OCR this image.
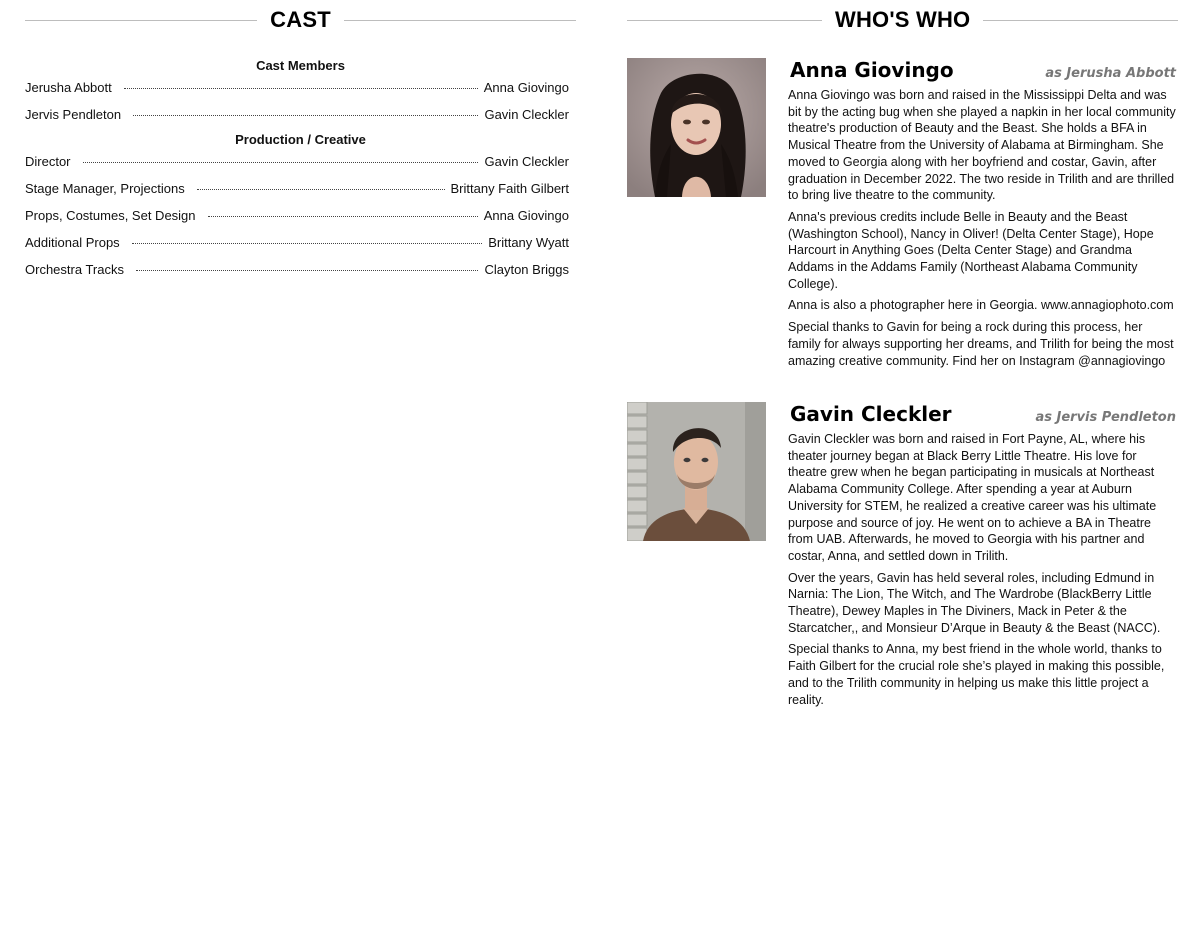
CAST
Cast Members
Jerusha Abbott	Anna Giovingo
Jervis Pendleton	Gavin Cleckler
Production / Creative
Director	Gavin Cleckler
Stage Manager, Projections	Brittany Faith Gilbert
Props, Costumes, Set Design	Anna Giovingo
Additional Props	Brittany Wyatt
Orchestra Tracks	Clayton Briggs
WHO'S WHO
Anna Giovingo	as Jerusha Abbott

Anna Giovingo was born and raised in the Mississippi Delta and was bit by the acting bug when she played a napkin in her local community theatre's production of Beauty and the Beast. She holds a BFA in Musical Theatre from the University of Alabama at Birmingham. She moved to Georgia along with her boyfriend and costar, Gavin, after graduation in December 2022. The two reside in Trilith and are thrilled to bring live theatre to the community.

Anna's previous credits include Belle in Beauty and the Beast (Washington School), Nancy in Oliver! (Delta Center Stage), Hope Harcourt in Anything Goes (Delta Center Stage) and Grandma Addams in the Addams Family (Northeast Alabama Community College).

Anna is also a photographer here in Georgia. www.annagiophoto.com

Special thanks to Gavin for being a rock during this process, her family for always supporting her dreams, and Trilith for being the most amazing creative community. Find her on Instagram @annagiovingo

Gavin Cleckler	as Jervis Pendleton

Gavin Cleckler was born and raised in Fort Payne, AL, where his theater journey began at Black Berry Little Theatre. His love for theatre grew when he began participating in musicals at Northeast Alabama Community College. After spending a year at Auburn University for STEM, he realized a creative career was his ultimate purpose and source of joy. He went on to achieve a BA in Theatre from UAB. Afterwards, he moved to Georgia with his partner and costar, Anna, and settled down in Trilith.

Over the years, Gavin has held several roles, including Edmund in Narnia: The Lion, The Witch, and The Wardrobe (BlackBerry Little Theatre), Dewey Maples in The Diviners, Mack in Peter & the Starcatcher,, and Monsieur D’Arque in Beauty & the Beast (NACC).

Special thanks to Anna, my best friend in the whole world, thanks to Faith Gilbert for the crucial role she’s played in making this possible, and to the Trilith community in helping us make this little project a reality.
